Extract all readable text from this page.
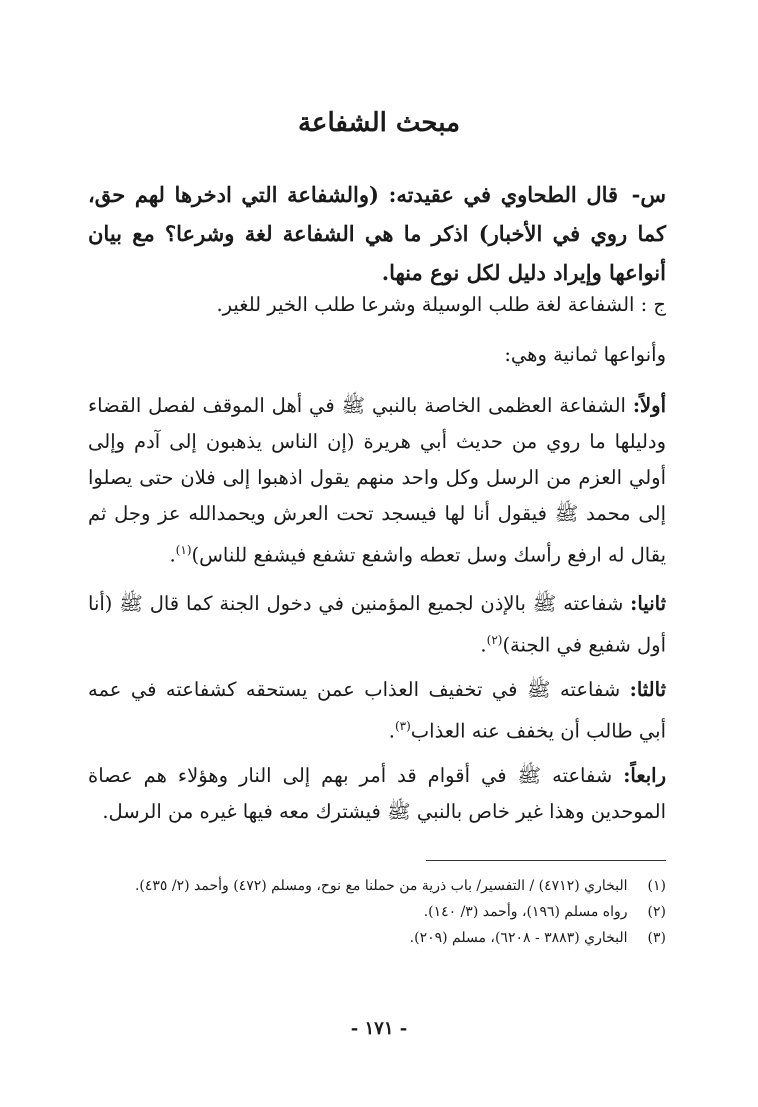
مبحث الشفاعة
س- قال الطحاوي في عقيدته: (والشفاعة التي ادخرها لهم حق، كما روي في الأخبار) اذكر ما هي الشفاعة لغة وشرعا؟ مع بيان أنواعها وإيراد دليل لكل نوع منها.
ج : الشفاعة لغة طلب الوسيلة وشرعا طلب الخير للغير.
وأنواعها ثمانية وهي:
أولاً: الشفاعة العظمى الخاصة بالنبي ﷺ في أهل الموقف لفصل القضاء ودليلها ما روي من حديث أبي هريرة (إن الناس يذهبون إلى آدم وإلى أولي العزم من الرسل وكل واحد منهم يقول اذهبوا إلى فلان حتى يصلوا إلى محمد ﷺ فيقول أنا لها فيسجد تحت العرش ويحمدالله عز وجل ثم يقال له ارفع رأسك وسل تعطه واشفع تشفع فيشفع للناس)$^{(١)}$.
ثانيا: شفاعته ﷺ بالإذن لجميع المؤمنين في دخول الجنة كما قال ﷺ (أنا أول شفيع في الجنة)$^{(٢)}$.
ثالثا: شفاعته ﷺ في تخفيف العذاب عمن يستحقه كشفاعته في عمه أبي طالب أن يخفف عنه العذاب$^{(٣)}$.
رابعاً: شفاعته ﷺ في أقوام قد أمر بهم إلى النار وهؤلاء هم عصاة الموحدين وهذا غير خاص بالنبي ﷺ فيشترك معه فيها غيره من الرسل.
(١) البخاري (٤٧١٢) / التفسير/ باب ذرية من حملنا مع نوح، ومسلم (٤٧٢) وأحمد (٢/ ٤٣٥).
(٢) رواه مسلم (١٩٦)، وأحمد (٣/ ١٤٠).
(٣) البخاري (٣٨٨٣ - ٦٢٠٨)، مسلم (٢٠٩).
- ١٧١ -
